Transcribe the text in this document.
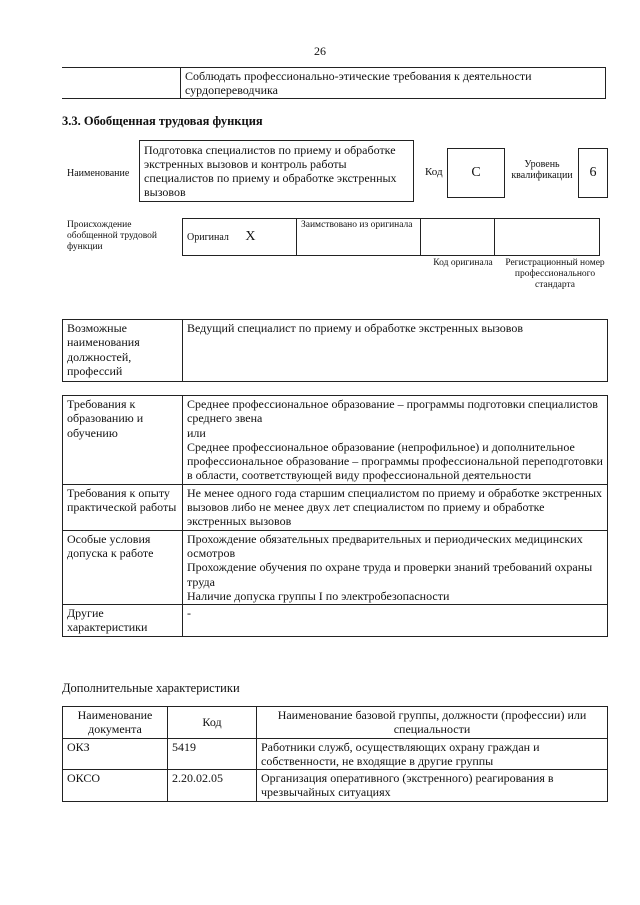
26
	Соблюдать профессионально-этические требования к деятельности сурдопереводчика
3.3. Обобщенная трудовая функция
Наименование
Подготовка специалистов по приему и обработке экстренных вызовов и контроль работы специалистов по приему и обработке экстренных вызовов
Код	C
Уровень квалификации	6
Происхождение обобщенной трудовой функции
Оригинал X	Заимствовано из оригинала		
Код оригинала	Регистрационный номер профессионального стандарта
Возможные наименования должностей, профессий	Ведущий специалист по приему и обработке экстренных вызовов
Требования к образованию и обучению	Среднее профессиональное образование – программы подготовки специалистов среднего звена
или
Среднее профессиональное образование (непрофильное) и дополнительное профессиональное образование – программы профессиональной переподготовки в области, соответствующей виду профессиональной деятельности

Требования к опыту практической работы	Не менее одного года старшим специалистом по приему и обработке экстренных вызовов либо не менее двух лет специалистом по приему и обработке экстренных вызовов

Особые условия допуска к работе	Прохождение обязательных предварительных и периодических медицинских осмотров
Прохождение обучения по охране труда и проверки знаний требований охраны труда
Наличие допуска группы I по электробезопасности

Другие характеристики	-
Дополнительные характеристики
Наименование документа	Код	Наименование базовой группы, должности (профессии) или специальности
ОКЗ	5419	Работники служб, осуществляющих охрану граждан и собственности, не входящие в другие группы
ОКСО	2.20.02.05	Организация оперативного (экстренного) реагирования в чрезвычайных ситуациях
